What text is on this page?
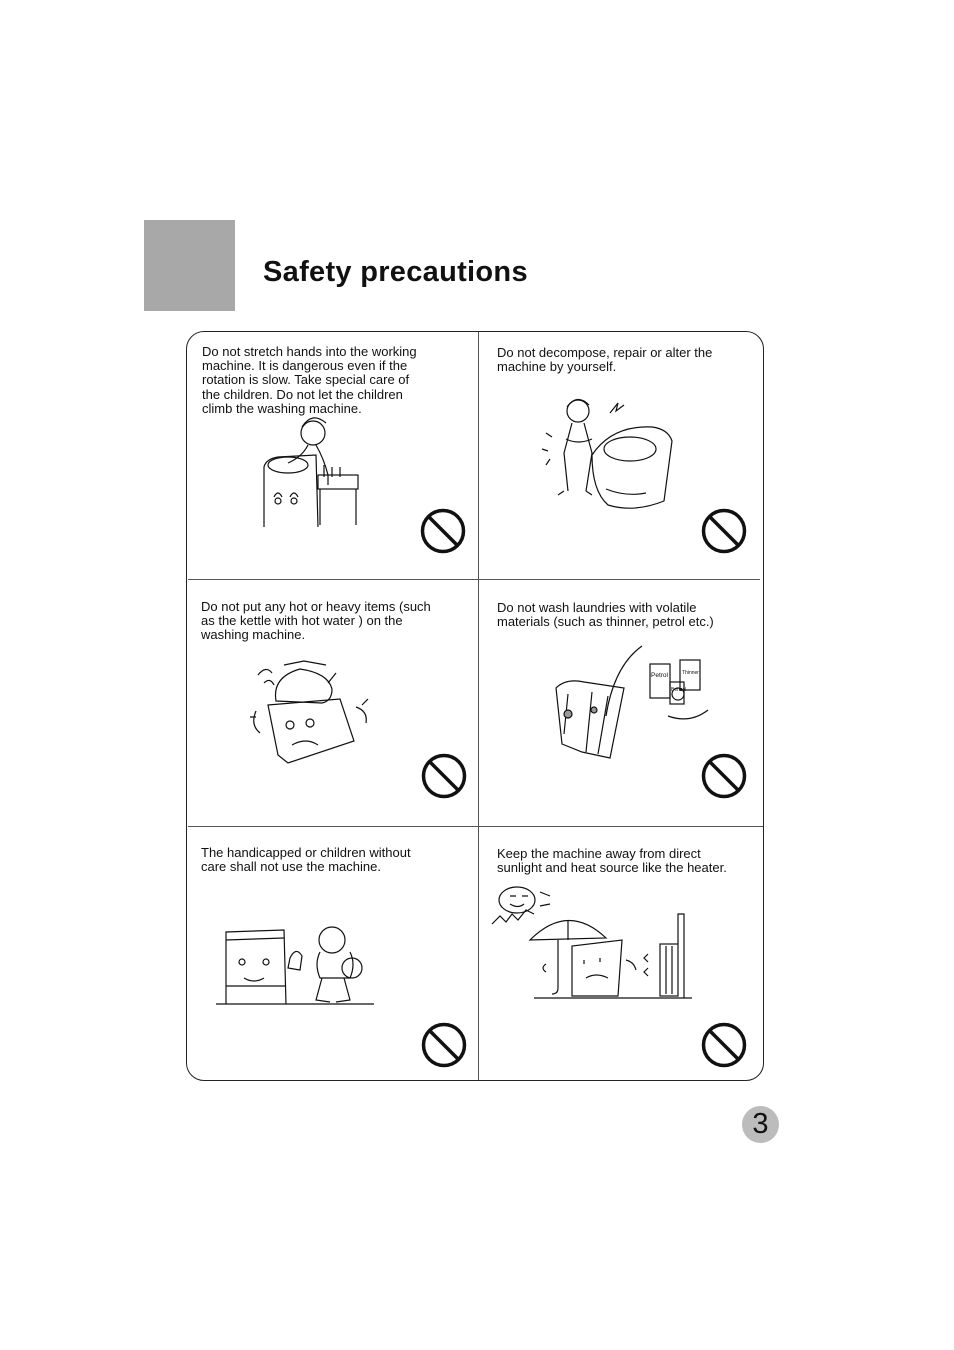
Safety precautions

Do not stretch hands into the working
machine. It is dangerous even if the
rotation is slow. Take special care of
the children. Do not let the children
climb the washing machine.

Do not decompose, repair or alter the
machine by yourself.

Do not put any hot or heavy items (such
as the kettle with hot water ) on the
washing machine.

Do not wash laundries with volatile
materials (such as thinner, petrol etc.)

Petrol	Thinner
Benzol

The handicapped or children without
care shall not use the machine.

Keep the machine away from direct
sunlight and heat source like the heater.

3
